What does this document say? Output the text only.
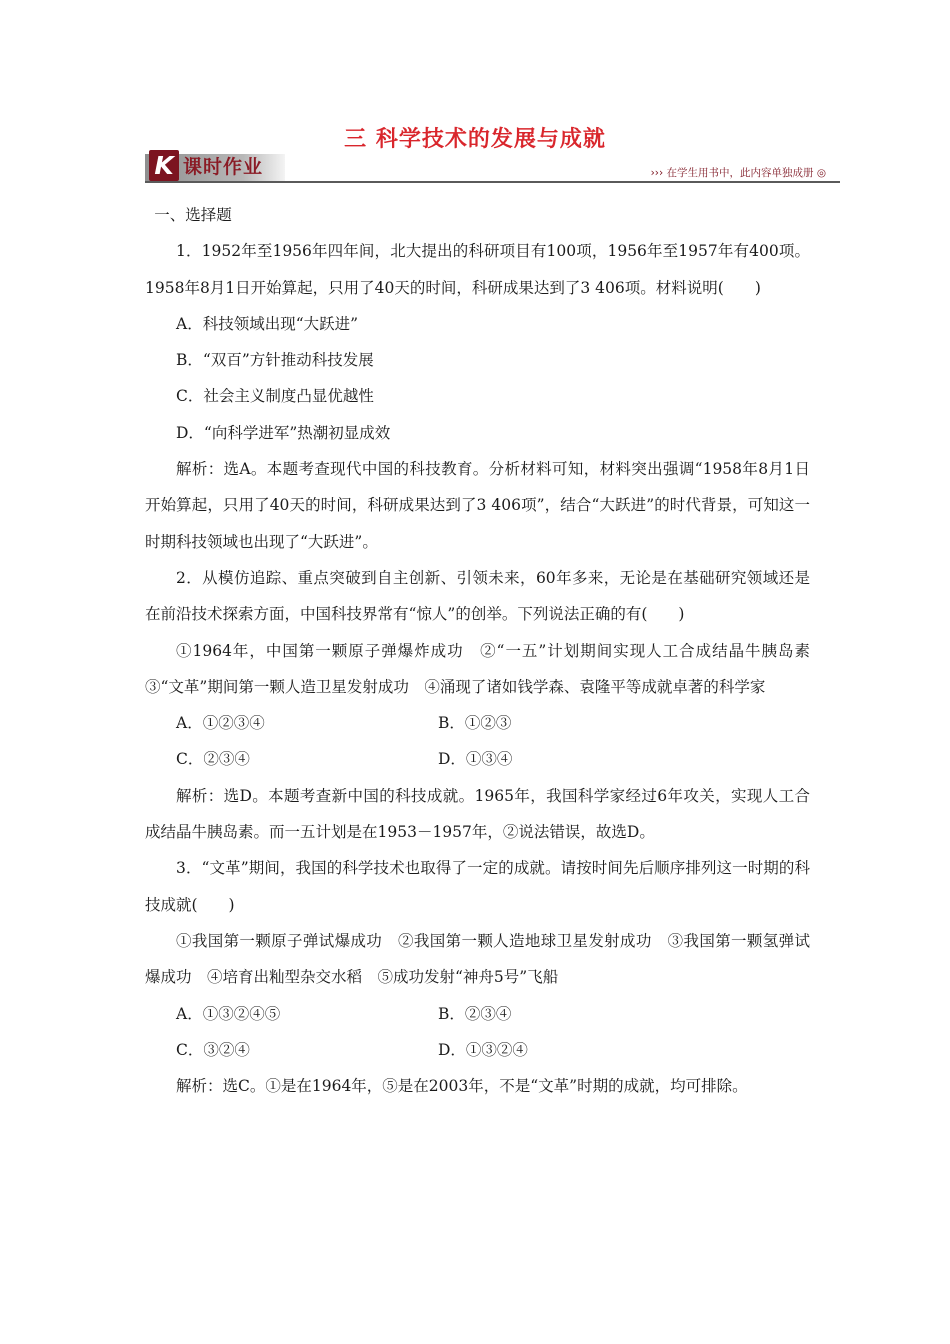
三 科学技术的发展与成就
K 课时作业	››› 在学生用书中，此内容单独成册 ◎

一、选择题

1．1952年至1956年四年间，北大提出的科研项目有100项，1956年至1957年有400项。1958年8月1日开始算起，只用了40天的时间，科研成果达到了3 406项。材料说明(　　)

A．科技领域出现“大跃进”

B．“双百”方针推动科技发展

C．社会主义制度凸显优越性

D．“向科学进军”热潮初显成效

解析：选A。本题考查现代中国的科技教育。分析材料可知，材料突出强调“1958年8月1日开始算起，只用了40天的时间，科研成果达到了3 406项”，结合“大跃进”的时代背景，可知这一时期科技领域也出现了“大跃进”。

2．从模仿追踪、重点突破到自主创新、引领未来，60年多来，无论是在基础研究领域还是在前沿技术探索方面，中国科技界常有“惊人”的创举。下列说法正确的有(　　)

①1964年，中国第一颗原子弹爆炸成功　②“一五”计划期间实现人工合成结晶牛胰岛素　③“文革”期间第一颗人造卫星发射成功　④涌现了诸如钱学森、袁隆平等成就卓著的科学家

A．①②③④	B．①②③
C．②③④	D．①③④

解析：选D。本题考查新中国的科技成就。1965年，我国科学家经过6年攻关，实现人工合成结晶牛胰岛素。而一五计划是在1953－1957年，②说法错误，故选D。

3．“文革”期间，我国的科学技术也取得了一定的成就。请按时间先后顺序排列这一时期的科技成就(　　)

①我国第一颗原子弹试爆成功　②我国第一颗人造地球卫星发射成功　③我国第一颗氢弹试爆成功　④培育出籼型杂交水稻　⑤成功发射“神舟5号”飞船

A．①③②④⑤	B．②③④
C．③②④	D．①③②④

解析：选C。①是在1964年，⑤是在2003年，不是“文革”时期的成就，均可排除。
